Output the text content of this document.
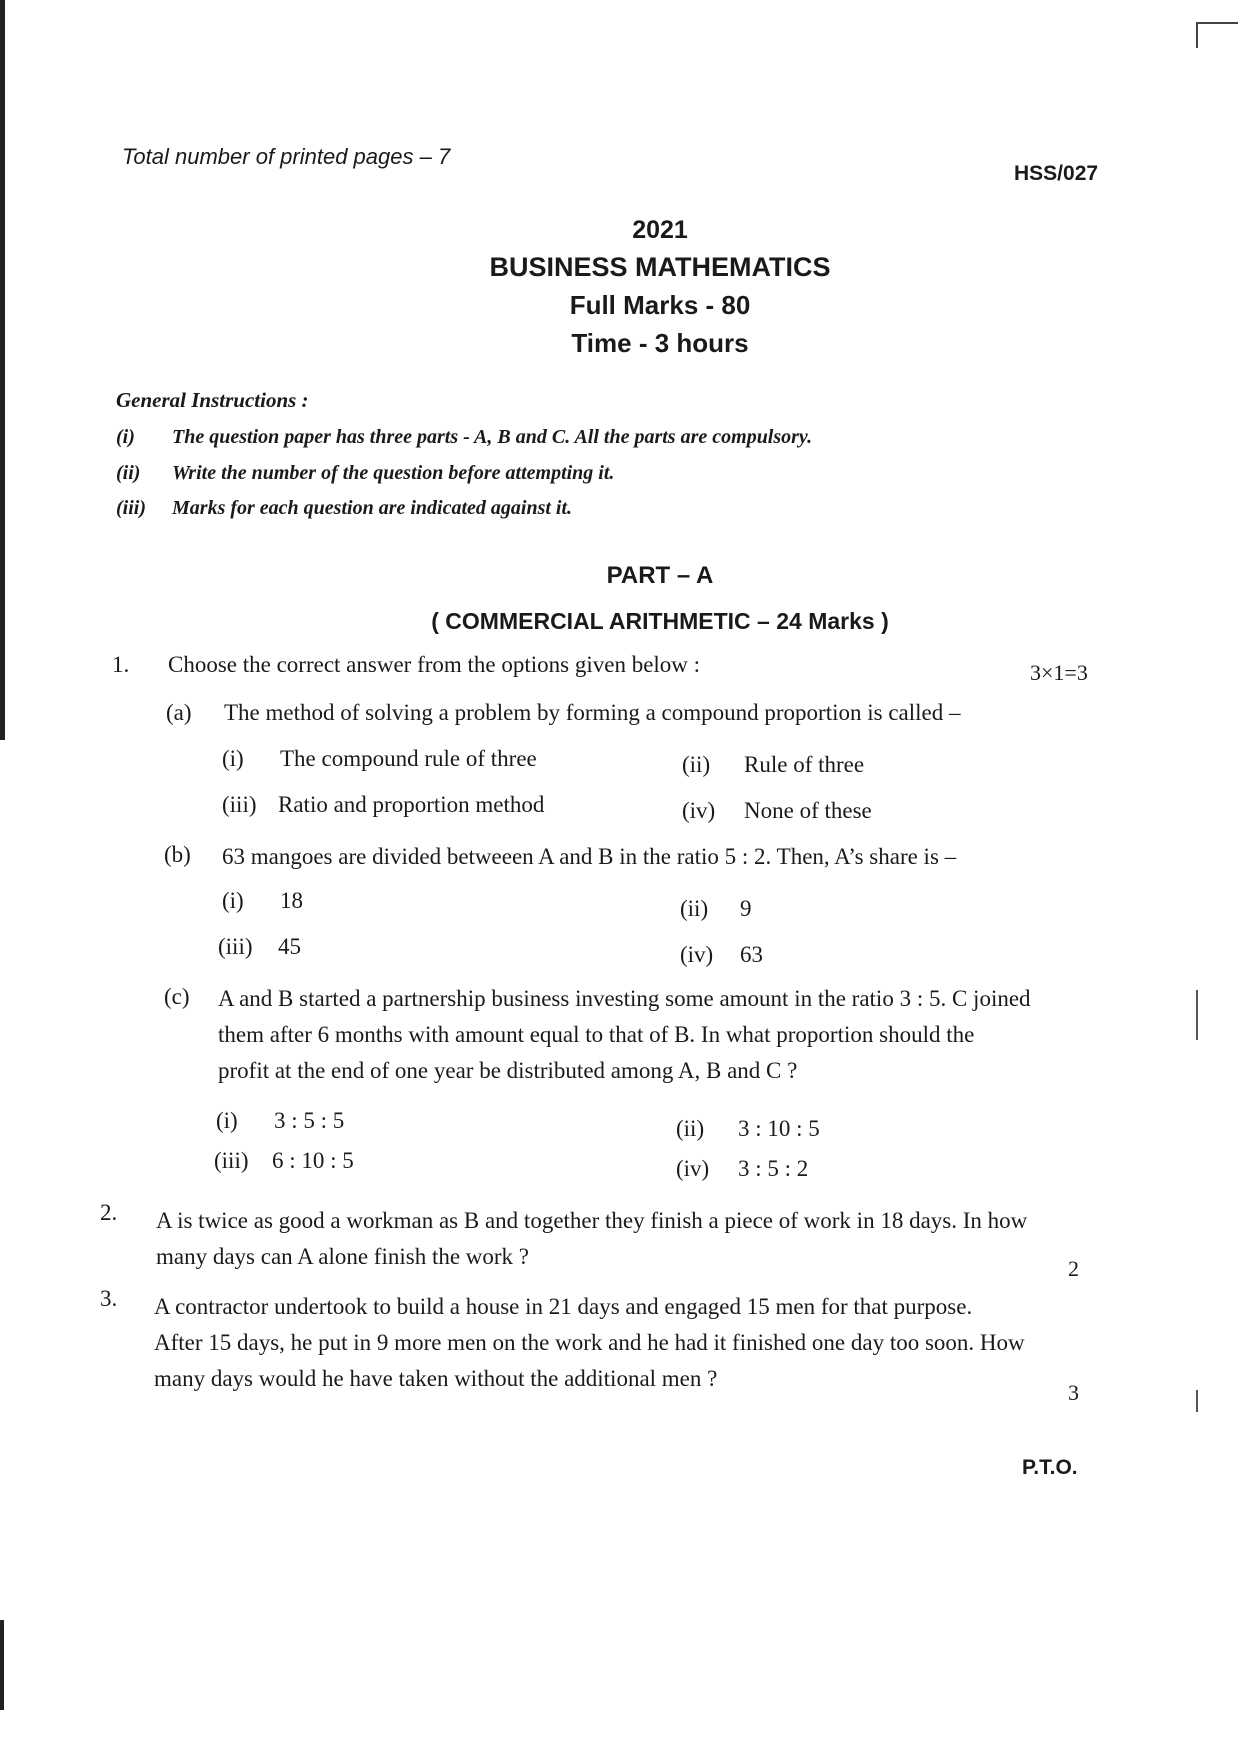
Total number of printed pages – 7
HSS/027
2021
BUSINESS MATHEMATICS
Full Marks - 80
Time - 3 hours
General Instructions :
(i) The question paper has three parts - A, B and C. All the parts are compulsory.
(ii) Write the number of the question before attempting it.
(iii) Marks for each question are indicated against it.
PART – A
( COMMERCIAL ARITHMETIC – 24 Marks )
1. Choose the correct answer from the options given below :	3×1=3
(a) The method of solving a problem by forming a compound proportion is called –
(i) The compound rule of three	(ii) Rule of three
(iii) Ratio and proportion method	(iv) None of these
(b) 63 mangoes are divided betweeen A and B in the ratio 5 : 2. Then, A’s share is –
(i) 18	(ii) 9
(iii) 45	(iv) 63
(c) A and B started a partnership business investing some amount in the ratio 3 : 5. C joined
them after 6 months with amount equal to that of B. In what proportion should the
profit at the end of one year be distributed among A, B and C ?
(i) 3 : 5 : 5	(ii) 3 : 10 : 5
(iii) 6 : 10 : 5	(iv) 3 : 5 : 2
2. A is twice as good a workman as B and together they finish a piece of work in 18 days. In how
many days can A alone finish the work ?	2
3. A contractor undertook to build a house in 21 days and engaged 15 men for that purpose.
After 15 days, he put in 9 more men on the work and he had it finished one day too soon. How
many days would he have taken without the additional men ?
3
P.T.O.
